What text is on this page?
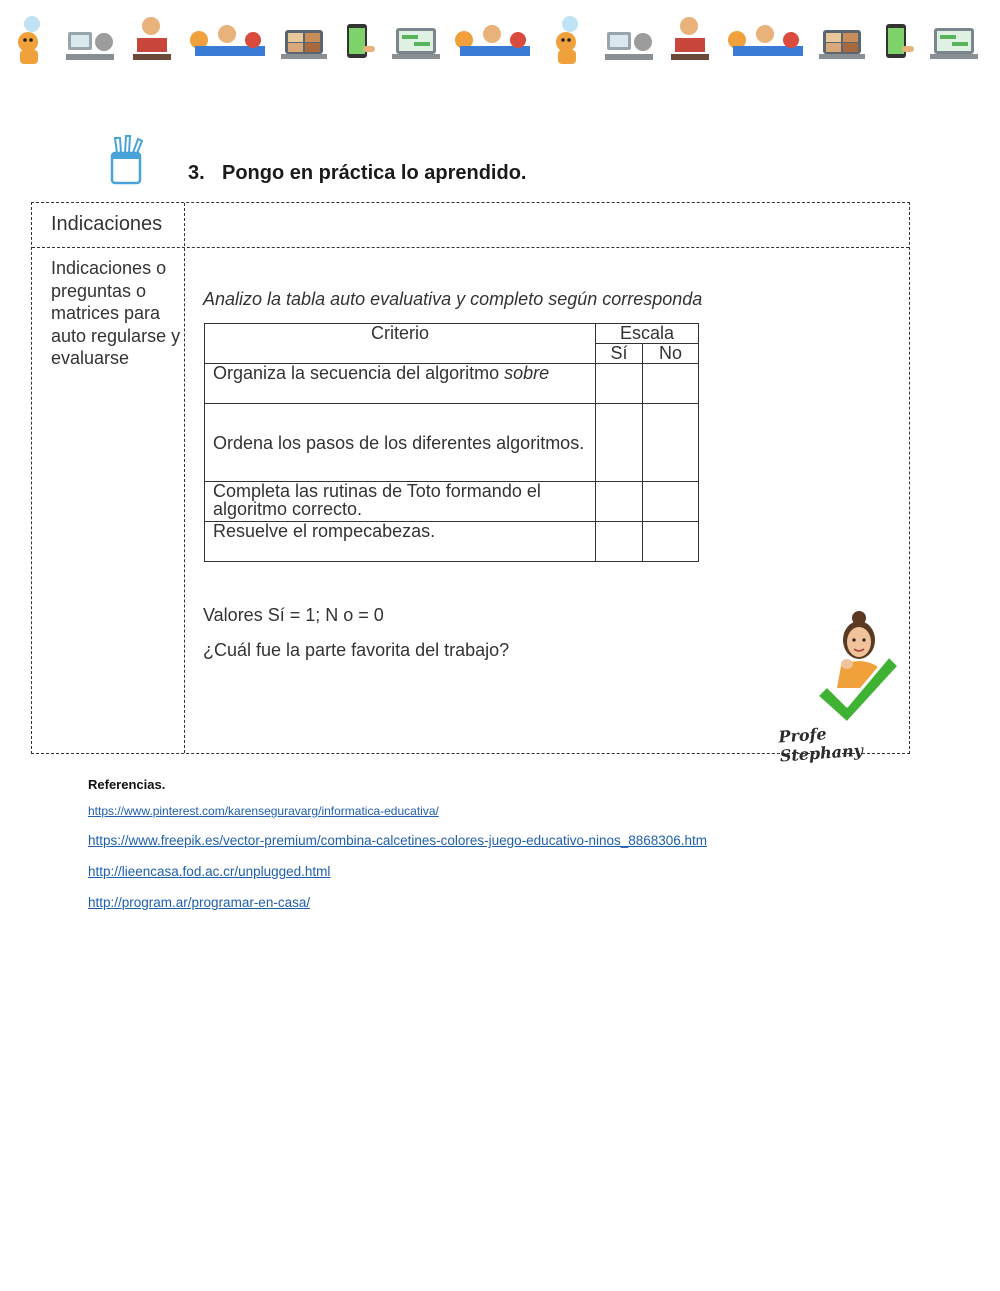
3. Pongo en práctica lo aprendido.
Indicaciones
Indicaciones o preguntas o matrices para auto regularse y evaluarse
Analizo la tabla auto evaluativa y completo según corresponda
Criterio	Escala	
	Sí	No
Organiza la secuencia del algoritmo sobre		
Ordena los pasos de los diferentes algoritmos.		
Completa las rutinas de Toto formando el algoritmo correcto.		
Resuelve el rompecabezas.		
Valores Sí = 1; N o = 0
¿Cuál fue la parte favorita del trabajo?
Profe Stephany
Referencias.
https://www.pinterest.com/karenseguravarg/informatica-educativa/
https://www.freepik.es/vector-premium/combina-calcetines-colores-juego-educativo-ninos_8868306.htm
http://lieencasa.fod.ac.cr/unplugged.html
http://program.ar/programar-en-casa/
